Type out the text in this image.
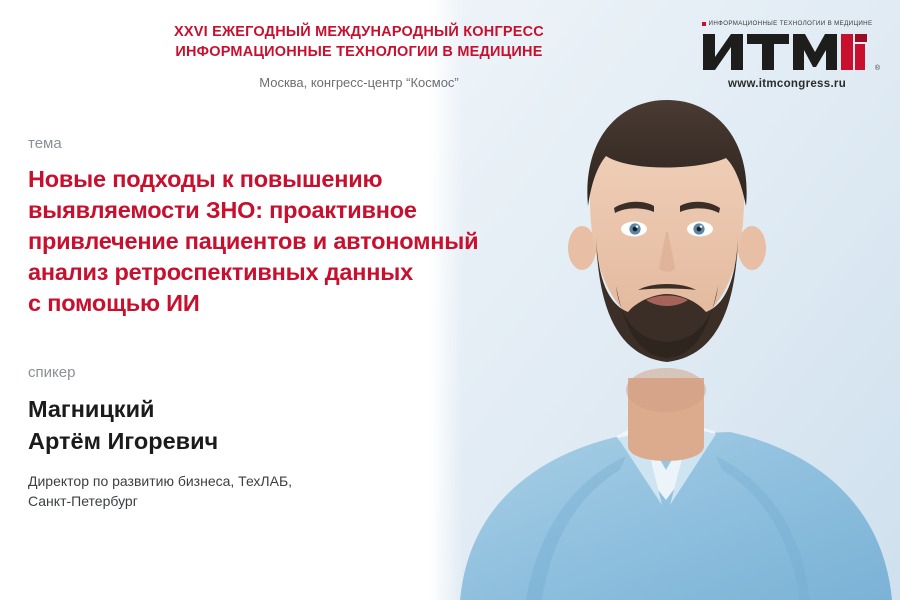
XXVI ЕЖЕГОДНЫЙ МЕЖДУНАРОДНЫЙ КОНГРЕСС
ИНФОРМАЦИОННЫЕ ТЕХНОЛОГИИ В МЕДИЦИНЕ
Москва, конгресс-центр “Космос”
ИНФОРМАЦИОННЫЕ ТЕХНОЛОГИИ В МЕДИЦИНЕ
®
www.itmcongress.ru
тема
Новые подходы к повышению
выявляемости ЗНО: проактивное
привлечение пациентов и автономный
анализ ретроспективных данных
с помощью ИИ
спикер
Магницкий
Артём Игоревич
Директор по развитию бизнеса, ТехЛАБ,
Санкт-Петербург
